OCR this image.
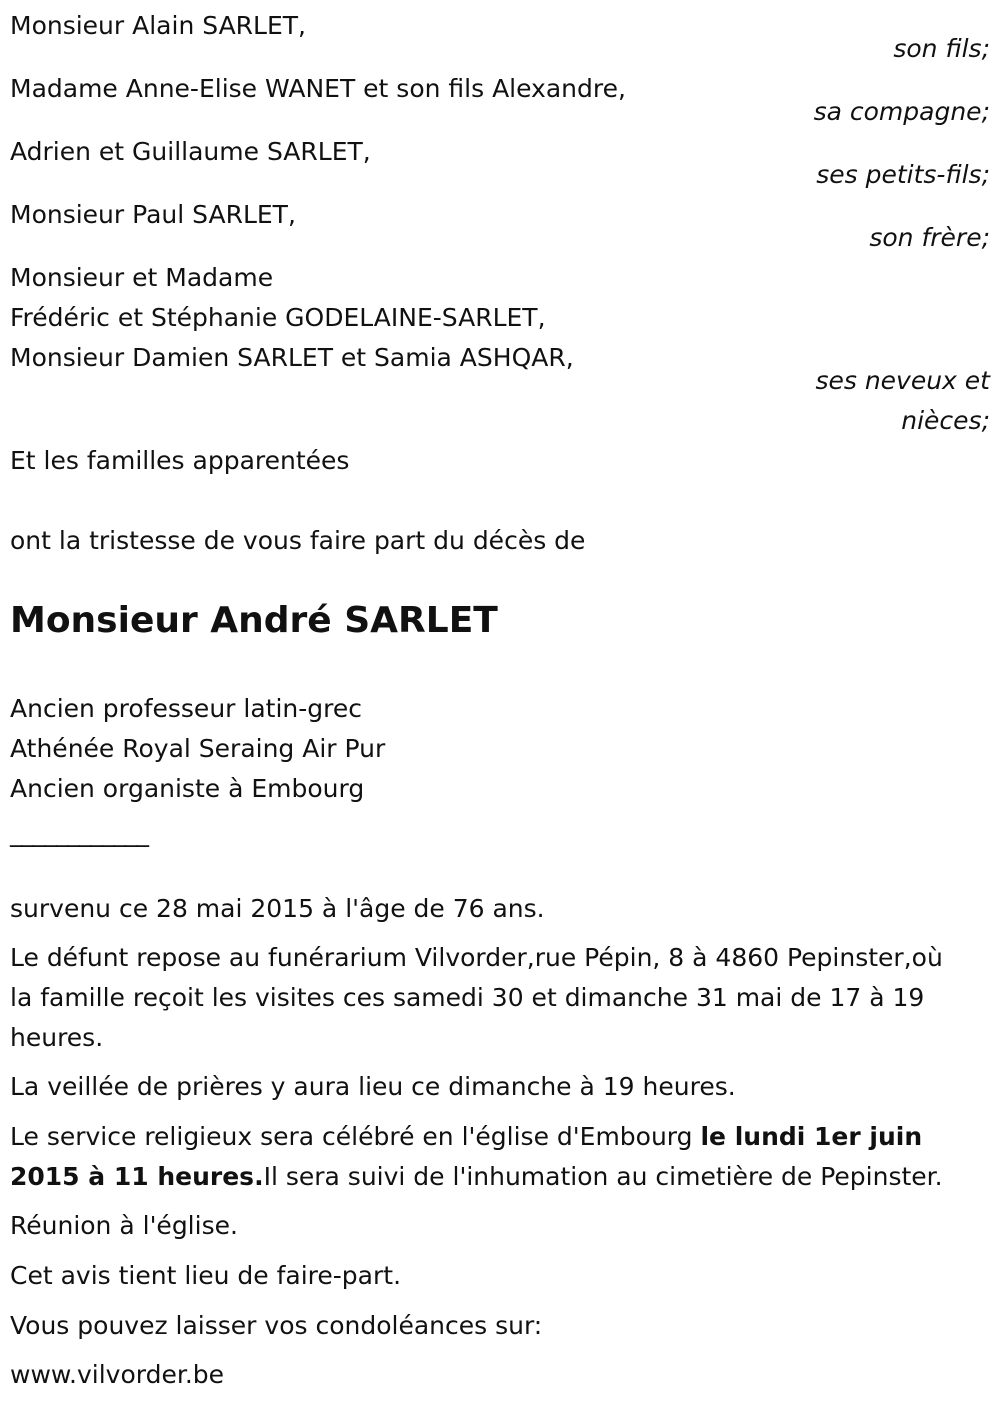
Monsieur Alain SARLET,
son fils;
Madame Anne-Elise WANET et son fils Alexandre,
sa compagne;
Adrien et Guillaume SARLET,
ses petits-fils;
Monsieur Paul SARLET,
son frère;
Monsieur et Madame
Frédéric et Stéphanie GODELAINE-SARLET,
Monsieur Damien SARLET et Samia ASHQAR,
ses neveux et
nièces;
Et les familles apparentées
ont la tristesse de vous faire part du décès de
Monsieur André SARLET
Ancien professeur latin-grec
Athénée Royal Seraing Air Pur
Ancien organiste à Embourg
____________
survenu ce 28 mai 2015 à l'âge de 76 ans.
Le défunt repose au funérarium Vilvorder,rue Pépin, 8 à 4860 Pepinster,où la famille reçoit les visites ces samedi 30 et dimanche 31 mai de 17 à 19 heures.
La veillée de prières y aura lieu ce dimanche à 19 heures.
Le service religieux sera célébré en l'église d'Embourg le lundi 1er juin 2015 à 11 heures.Il sera suivi de l'inhumation au cimetière de Pepinster.
Réunion à l'église.
Cet avis tient lieu de faire-part.
Vous pouvez laisser vos condoléances sur:
www.vilvorder.be
